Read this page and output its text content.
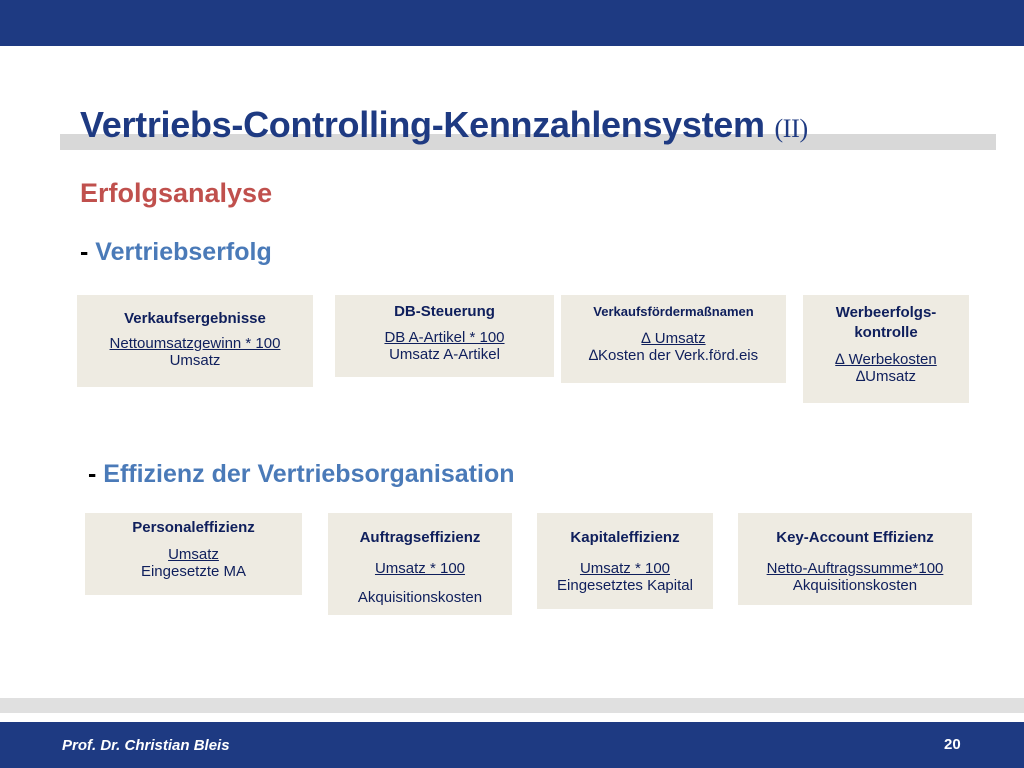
Vertriebs-Controlling-Kennzahlensystem (II)
Erfolgsanalyse
- Vertriebserfolg
Verkaufsergebnisse
Nettoumsatzgewinn * 100
Umsatz
DB-Steuerung
DB A-Artikel * 100
Umsatz A-Artikel
Verkaufsfördermaßnamen
∆ Umsatz
∆Kosten der Verk.förd.eis
Werbeerfolgs-kontrolle
∆ Werbekosten
∆Umsatz
- Effizienz der Vertriebsorganisation
Personaleffizienz
Umsatz
Eingesetzte MA
Auftragseffizienz
Umsatz * 100
Akquisitionskosten
Kapitaleffizienz
Umsatz * 100
Eingesetztes Kapital
Key-Account Effizienz
Netto-Auftragssumme*100
Akquisitionskosten
Prof. Dr. Christian Bleis	20
